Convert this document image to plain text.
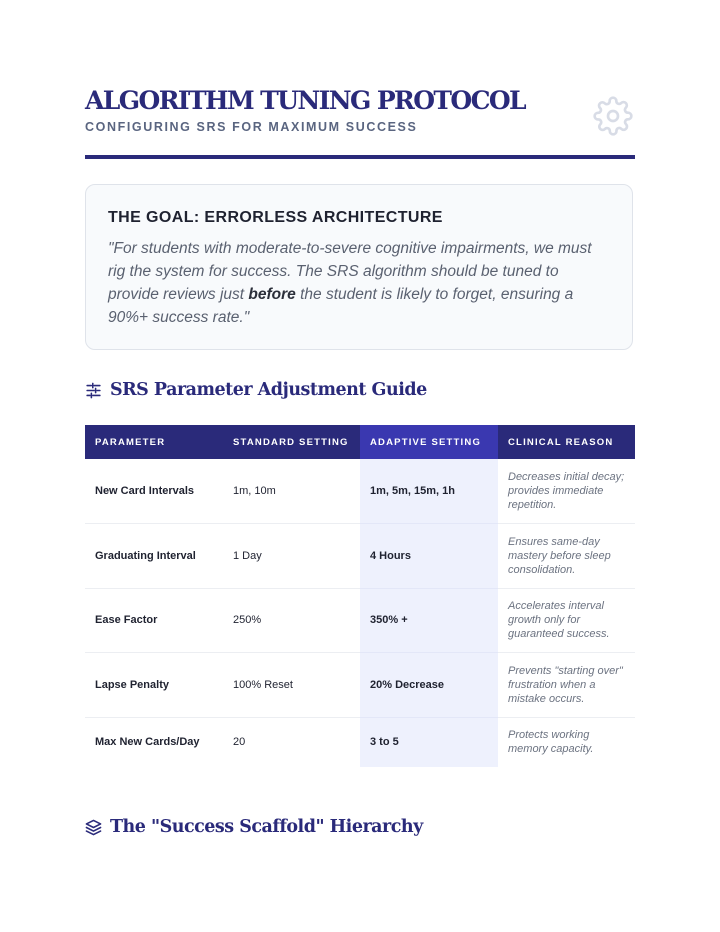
ALGORITHM TUNING PROTOCOL
CONFIGURING SRS FOR MAXIMUM SUCCESS
THE GOAL: ERRORLESS ARCHITECTURE

"For students with moderate-to-severe cognitive impairments, we must rig the system for success. The SRS algorithm should be tuned to provide reviews just before the student is likely to forget, ensuring a 90%+ success rate."

SRS Parameter Adjustment Guide
PARAMETER	STANDARD SETTING	ADAPTIVE SETTING	CLINICAL REASON
New Card Intervals	1m, 10m	1m, 5m, 15m, 1h	Decreases initial decay; provides immediate repetition.
Graduating Interval	1 Day	4 Hours	Ensures same-day mastery before sleep consolidation.
Ease Factor	250%	350% +	Accelerates interval growth only for guaranteed success.
Lapse Penalty	100% Reset	20% Decrease	Prevents "starting over" frustration when a mistake occurs.
Max New Cards/Day	20	3 to 5	Protects working memory capacity.
The "Success Scaffold" Hierarchy
